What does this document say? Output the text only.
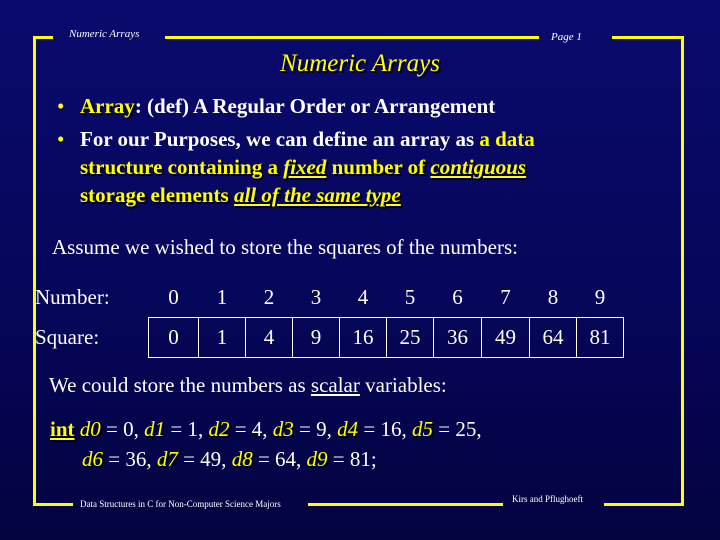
Numeric Arrays	Page 1
Numeric Arrays
• Array: (def) A Regular Order or Arrangement
• For our Purposes, we can define an array as a data
structure containing a fixed number of contiguous
storage elements all of the same type
Assume we wished to store the squares of the numbers:
Number:	0	1	2	3	4	5	6	7	8	9
Square:	0	1	4	9	16	25	36	49	64	81
We could store the numbers as scalar variables:
int d0 = 0, d1 = 1, d2 = 4, d3 = 9, d4 = 16, d5 = 25,
d6 = 36, d7 = 49, d8 = 64, d9 = 81;
Data Structures in C for Non-Computer Science Majors	Kirs and Pflughoeft
